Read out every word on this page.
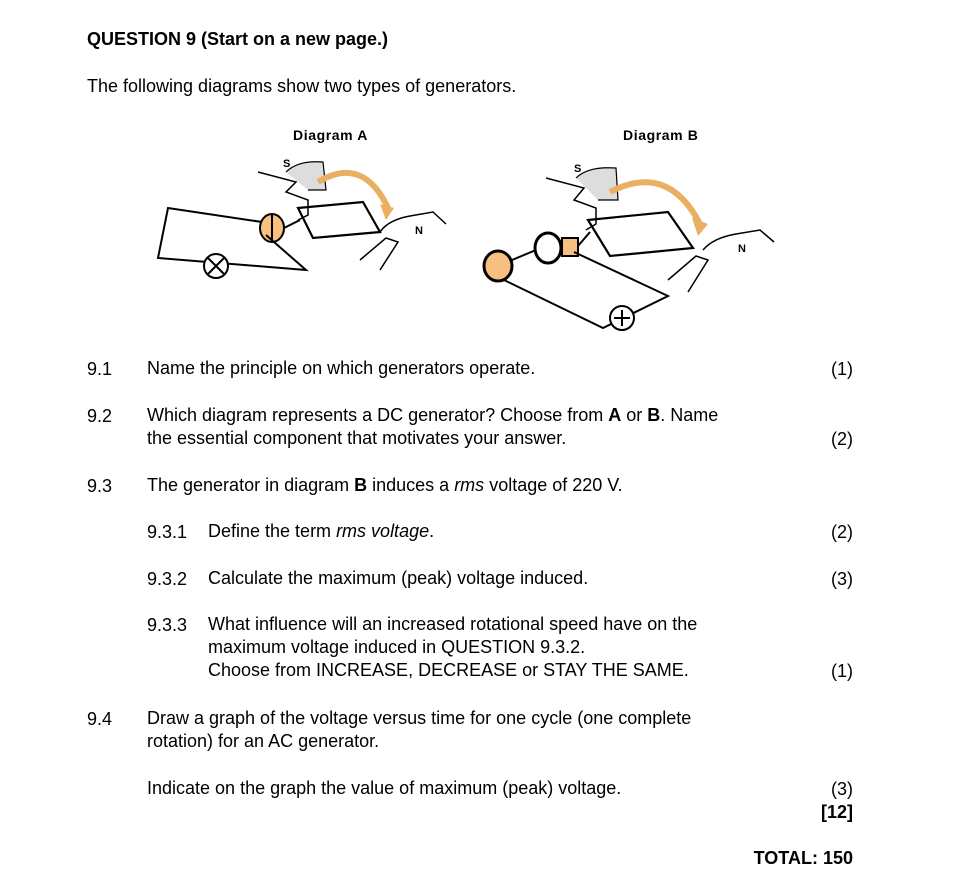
QUESTION 9 (Start on a new page.)
The following diagrams show two types of generators.
Diagram A
S
N
Diagram B
S
N
9.1 Name the principle on which generators operate.	(1)
9.2 Which diagram represents a DC generator? Choose from A or B. Name
the essential component that motivates your answer.	(2)
9.3 The generator in diagram B induces a rms voltage of 220 V.
9.3.1 Define the term rms voltage.	(2)
9.3.2 Calculate the maximum (peak) voltage induced.	(3)
9.3.3 What influence will an increased rotational speed have on the
maximum voltage induced in QUESTION 9.3.2.
Choose from INCREASE, DECREASE or STAY THE SAME.	(1)
9.4 Draw a graph of the voltage versus time for one cycle (one complete
rotation) for an AC generator.
Indicate on the graph the value of maximum (peak) voltage.	(3)
[12]
TOTAL: 150
